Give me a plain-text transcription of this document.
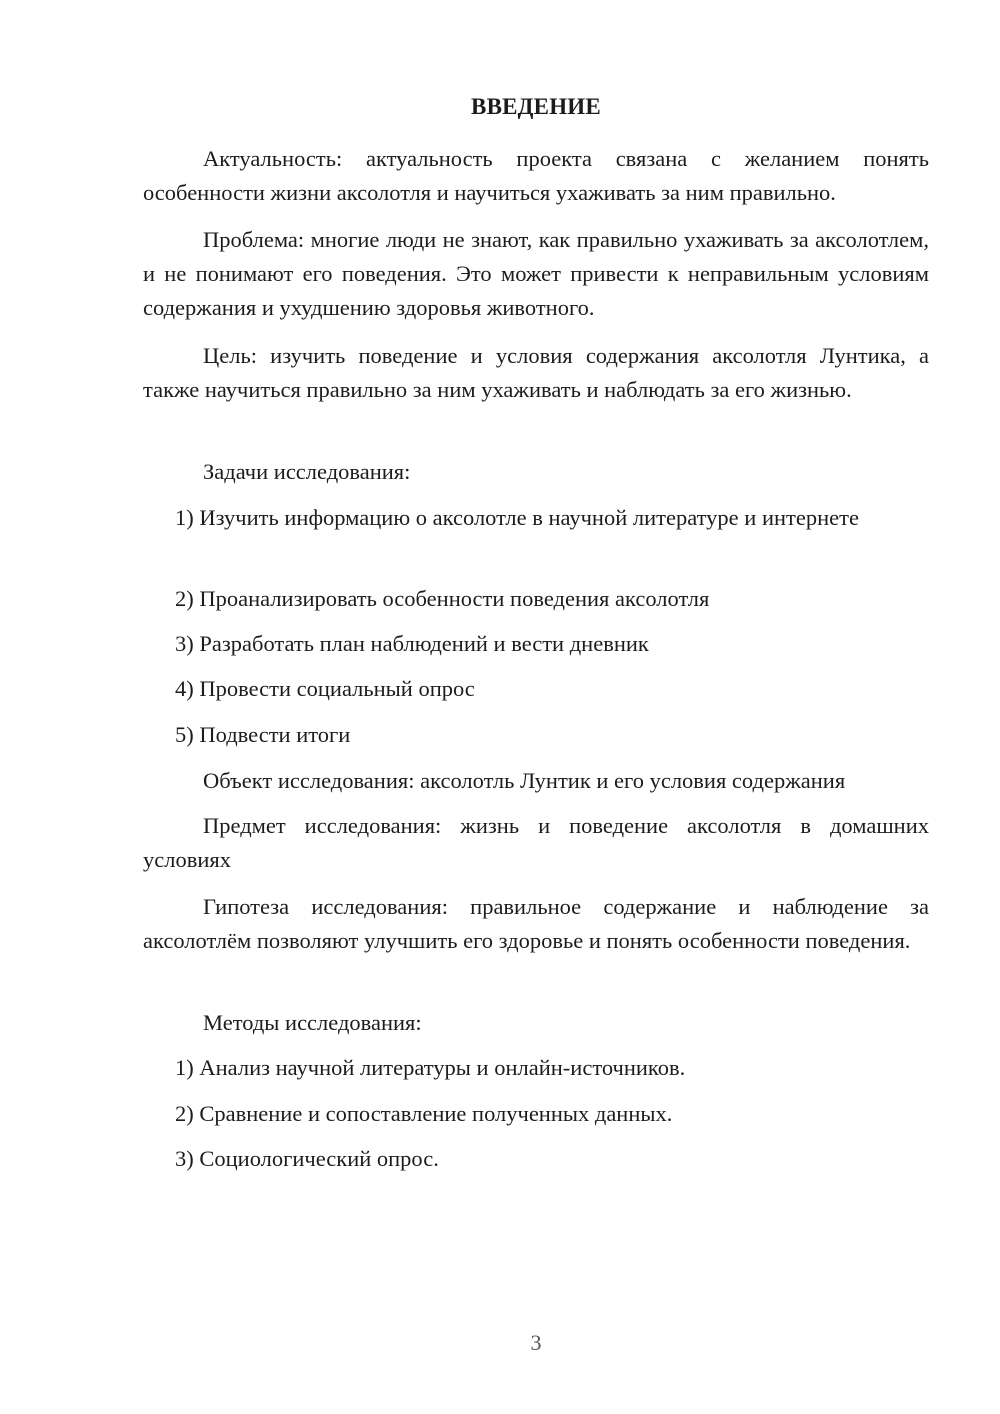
ВВЕДЕНИЕ
Актуальность: актуальность проекта связана с желанием понять особенности жизни аксолотля и научиться ухаживать за ним правильно.
Проблема: многие люди не знают, как правильно ухаживать за аксолотлем, и не понимают его поведения. Это может привести к неправильным условиям содержания и ухудшению здоровья животного.
Цель: изучить поведение и условия содержания аксолотля Лунтика, а также научиться правильно за ним ухаживать и наблюдать за его жизнью.
Задачи исследования:
1) Изучить информацию о аксолотле в научной литературе и интернете
2) Проанализировать особенности поведения аксолотля
3) Разработать план наблюдений и вести дневник
4) Провести социальный опрос
5) Подвести итоги
Объект исследования: аксолотль Лунтик и его условия содержания
Предмет исследования: жизнь и поведение аксолотля в домашних условиях
Гипотеза исследования: правильное содержание и наблюдение за аксолотлём позволяют улучшить его здоровье и понять особенности поведения.
Методы исследования:
1) Анализ научной литературы и онлайн-источников.
2) Сравнение и сопоставление полученных данных.
3) Социологический опрос.
3
